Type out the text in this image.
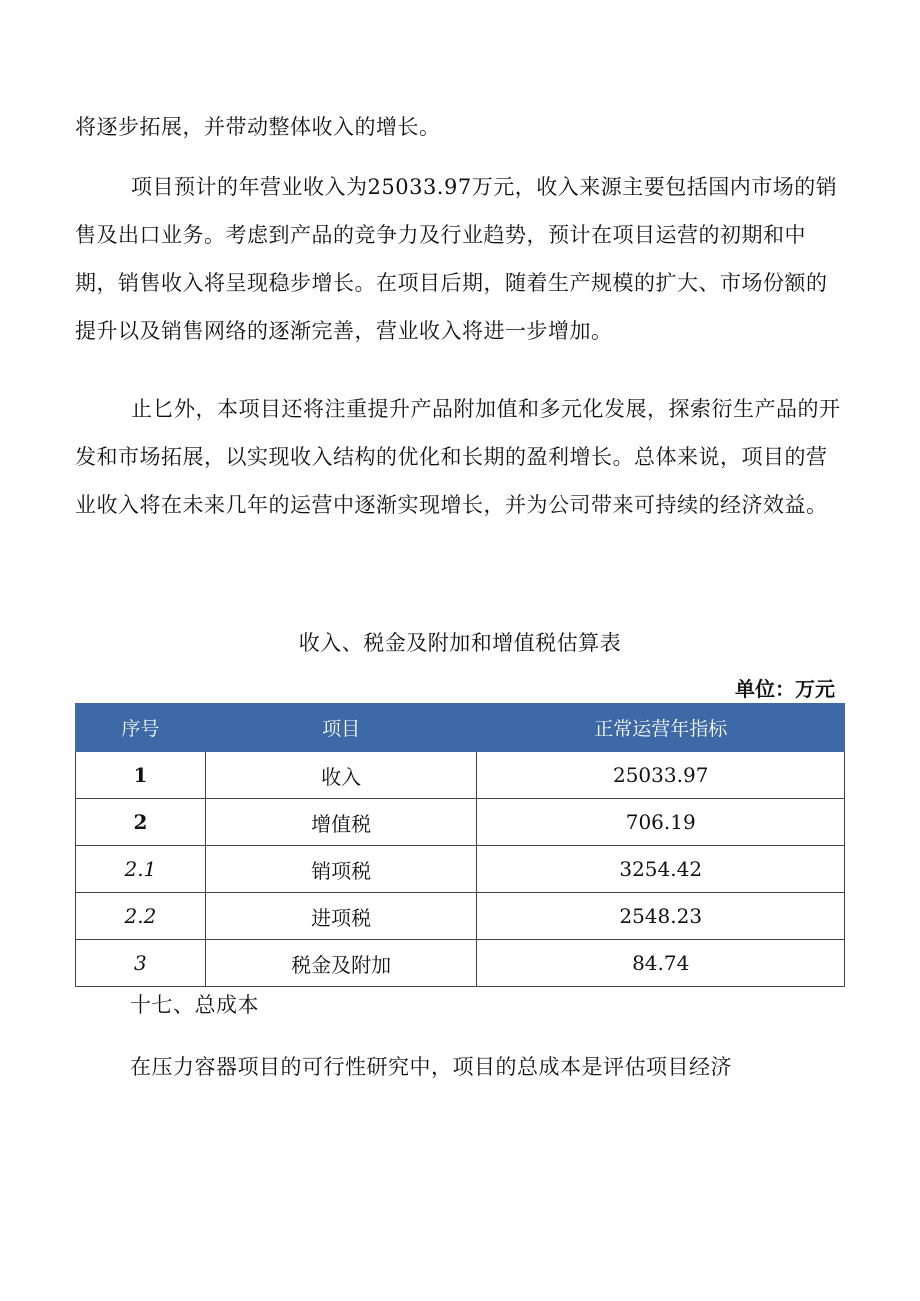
将逐步拓展，并带动整体收入的增长。

项目预计的年营业收入为25033.97万元，收入来源主要包括国内市场的销售及出口业务。考虑到产品的竞争力及行业趋势，预计在项目运营的初期和中期，销售收入将呈现稳步增长。在项目后期，随着生产规模的扩大、市场份额的提升以及销售网络的逐渐完善，营业收入将进一步增加。

止匕外，本项目还将注重提升产品附加值和多元化发展，探索衍生产品的开发和市场拓展，以实现收入结构的优化和长期的盈利增长。总体来说，项目的营业收入将在未来几年的运营中逐渐实现增长，并为公司带来可持续的经济效益。

收入、税金及附加和增值税估算表
单位：万元
序号	项目	正常运营年指标
1	收入	25033.97
2	增值税	706.19
2.1	销项税	3254.42
2.2	进项税	2548.23
3	税金及附加	84.74
十七、总成本
在压力容器项目的可行性研究中，项目的总成本是评估项目经济
